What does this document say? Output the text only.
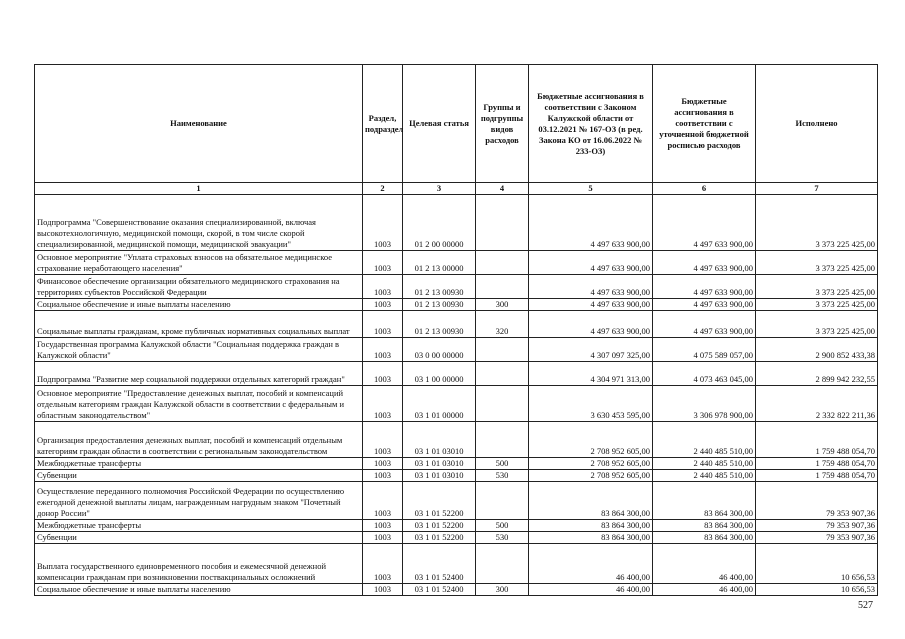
Наименование	Раздел, подраздел	Целевая статья	Группы и подгруппы видов расходов	Бюджетные ассигнования в соответствии с Законом Калужской области от 03.12.2021 № 167-ОЗ (в ред. Закона КО от 16.06.2022 № 233-ОЗ)	Бюджетные ассигнования в соответствии с уточненной бюджетной росписью расходов	Исполнено
1	2	3	4	5	6	7
Подпрограмма "Совершенствование оказания специализированной, включая высокотехнологичную, медицинской помощи, скорой, в том числе скорой специализированной, медицинской помощи, медицинской эвакуации"	1003	01 2 00 00000		4 497 633 900,00	4 497 633 900,00	3 373 225 425,00
Основное мероприятие "Уплата страховых взносов на обязательное медицинское страхование неработающего населения"	1003	01 2 13 00000		4 497 633 900,00	4 497 633 900,00	3 373 225 425,00
Финансовое обеспечение организации обязательного медицинского страхования на территориях субъектов Российской Федерации	1003	01 2 13 00930		4 497 633 900,00	4 497 633 900,00	3 373 225 425,00
Социальное обеспечение и иные выплаты населению	1003	01 2 13 00930	300	4 497 633 900,00	4 497 633 900,00	3 373 225 425,00
Социальные выплаты гражданам, кроме публичных нормативных социальных выплат	1003	01 2 13 00930	320	4 497 633 900,00	4 497 633 900,00	3 373 225 425,00
Государственная программа Калужской области "Социальная поддержка граждан в Калужской области"	1003	03 0 00 00000		4 307 097 325,00	4 075 589 057,00	2 900 852 433,38
Подпрограмма "Развитие мер социальной поддержки отдельных категорий граждан"	1003	03 1 00 00000		4 304 971 313,00	4 073 463 045,00	2 899 942 232,55
Основное мероприятие "Предоставление денежных выплат, пособий и компенсаций отдельным категориям граждан Калужской области в соответствии с федеральным и областным законодательством"	1003	03 1 01 00000		3 630 453 595,00	3 306 978 900,00	2 332 822 211,36
Организация предоставления денежных выплат, пособий и компенсаций отдельным категориям граждан области в соответствии с региональным законодательством	1003	03 1 01 03010		2 708 952 605,00	2 440 485 510,00	1 759 488 054,70
Межбюджетные трансферты	1003	03 1 01 03010	500	2 708 952 605,00	2 440 485 510,00	1 759 488 054,70
Субвенции	1003	03 1 01 03010	530	2 708 952 605,00	2 440 485 510,00	1 759 488 054,70
Осуществление переданного полномочия Российской Федерации по осуществлению ежегодной денежной выплаты лицам, награжденным нагрудным знаком "Почетный донор России"	1003	03 1 01 52200		83 864 300,00	83 864 300,00	79 353 907,36
Межбюджетные трансферты	1003	03 1 01 52200	500	83 864 300,00	83 864 300,00	79 353 907,36
Субвенции	1003	03 1 01 52200	530	83 864 300,00	83 864 300,00	79 353 907,36
Выплата государственного единовременного пособия и ежемесячной денежной компенсации гражданам при возникновении поствакцинальных осложнений	1003	03 1 01 52400		46 400,00	46 400,00	10 656,53
Социальное обеспечение и иные выплаты населению	1003	03 1 01 52400	300	46 400,00	46 400,00	10 656,53
527
